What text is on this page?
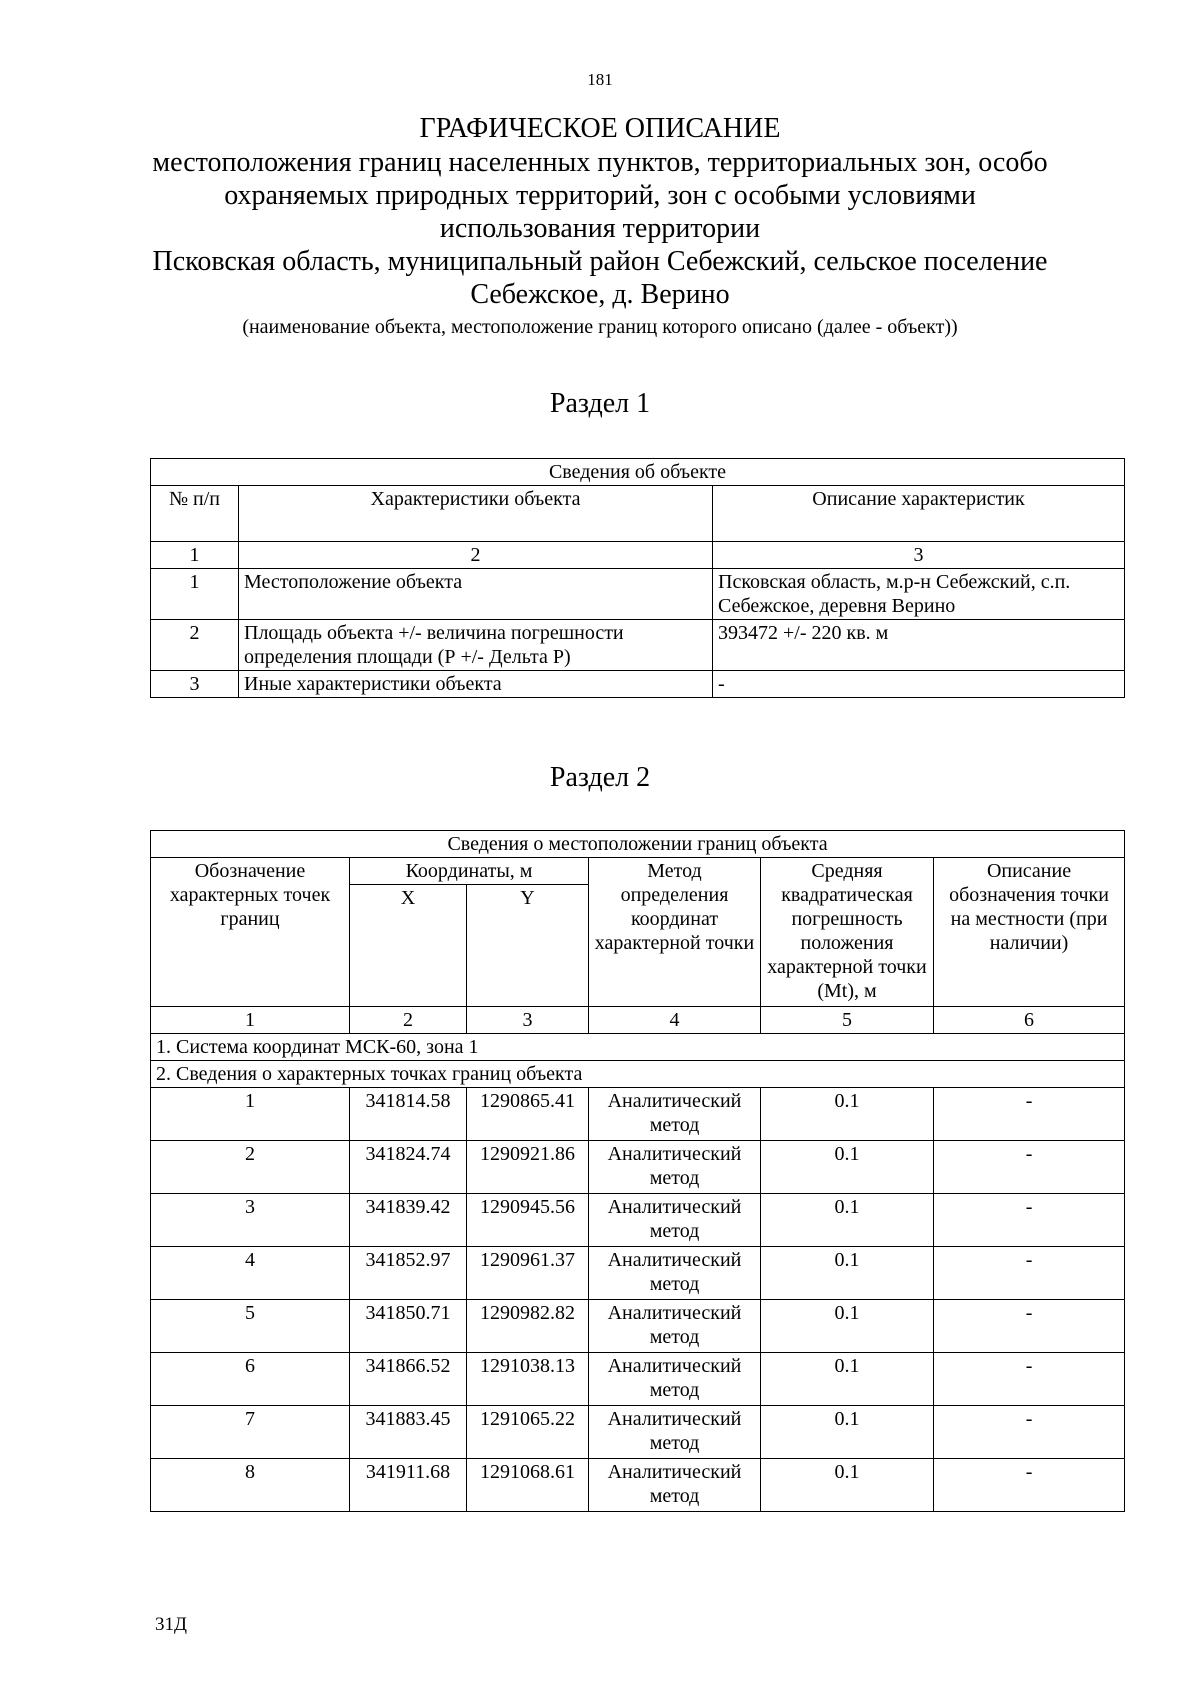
181
ГРАФИЧЕСКОЕ ОПИСАНИЕ
местоположения границ населенных пунктов, территориальных зон, особо
охраняемых природных территорий, зон с особыми условиями
использования территории
Псковская область, муниципальный район Себежский, сельское поселение
Себежское, д. Верино
(наименование объекта, местоположение границ которого описано (далее - объект))
Раздел 1
Сведения об объекте		
№ п/п	Характеристики объекта	Описание характеристик
1	2	3
1	Местоположение объекта	Псковская область, м.р-н Себежский, с.п. Себежское, деревня Верино
2	Площадь объекта +/- величина погрешности определения площади (Р +/- Дельта Р)	393472 +/- 220 кв. м
3	Иные характеристики объекта	-
Раздел 2
Сведения о местоположении границ объекта					
Обозначение характерных точек границ	Координаты, м		Метод определения координат характерной точки	Средняя квадратическая погрешность положения характерной точки (Mt), м	Описание обозначения точки на местности (при наличии)
	X	Y			
1	2	3	4	5	6
1. Система координат МСК-60, зона 1					
2. Сведения о характерных точках границ объекта					
1	341814.58	1290865.41	Аналитический метод	0.1	-
2	341824.74	1290921.86	Аналитический метод	0.1	-
3	341839.42	1290945.56	Аналитический метод	0.1	-
4	341852.97	1290961.37	Аналитический метод	0.1	-
5	341850.71	1290982.82	Аналитический метод	0.1	-
6	341866.52	1291038.13	Аналитический метод	0.1	-
7	341883.45	1291065.22	Аналитический метод	0.1	-
8	341911.68	1291068.61	Аналитический метод	0.1	-
31Д
